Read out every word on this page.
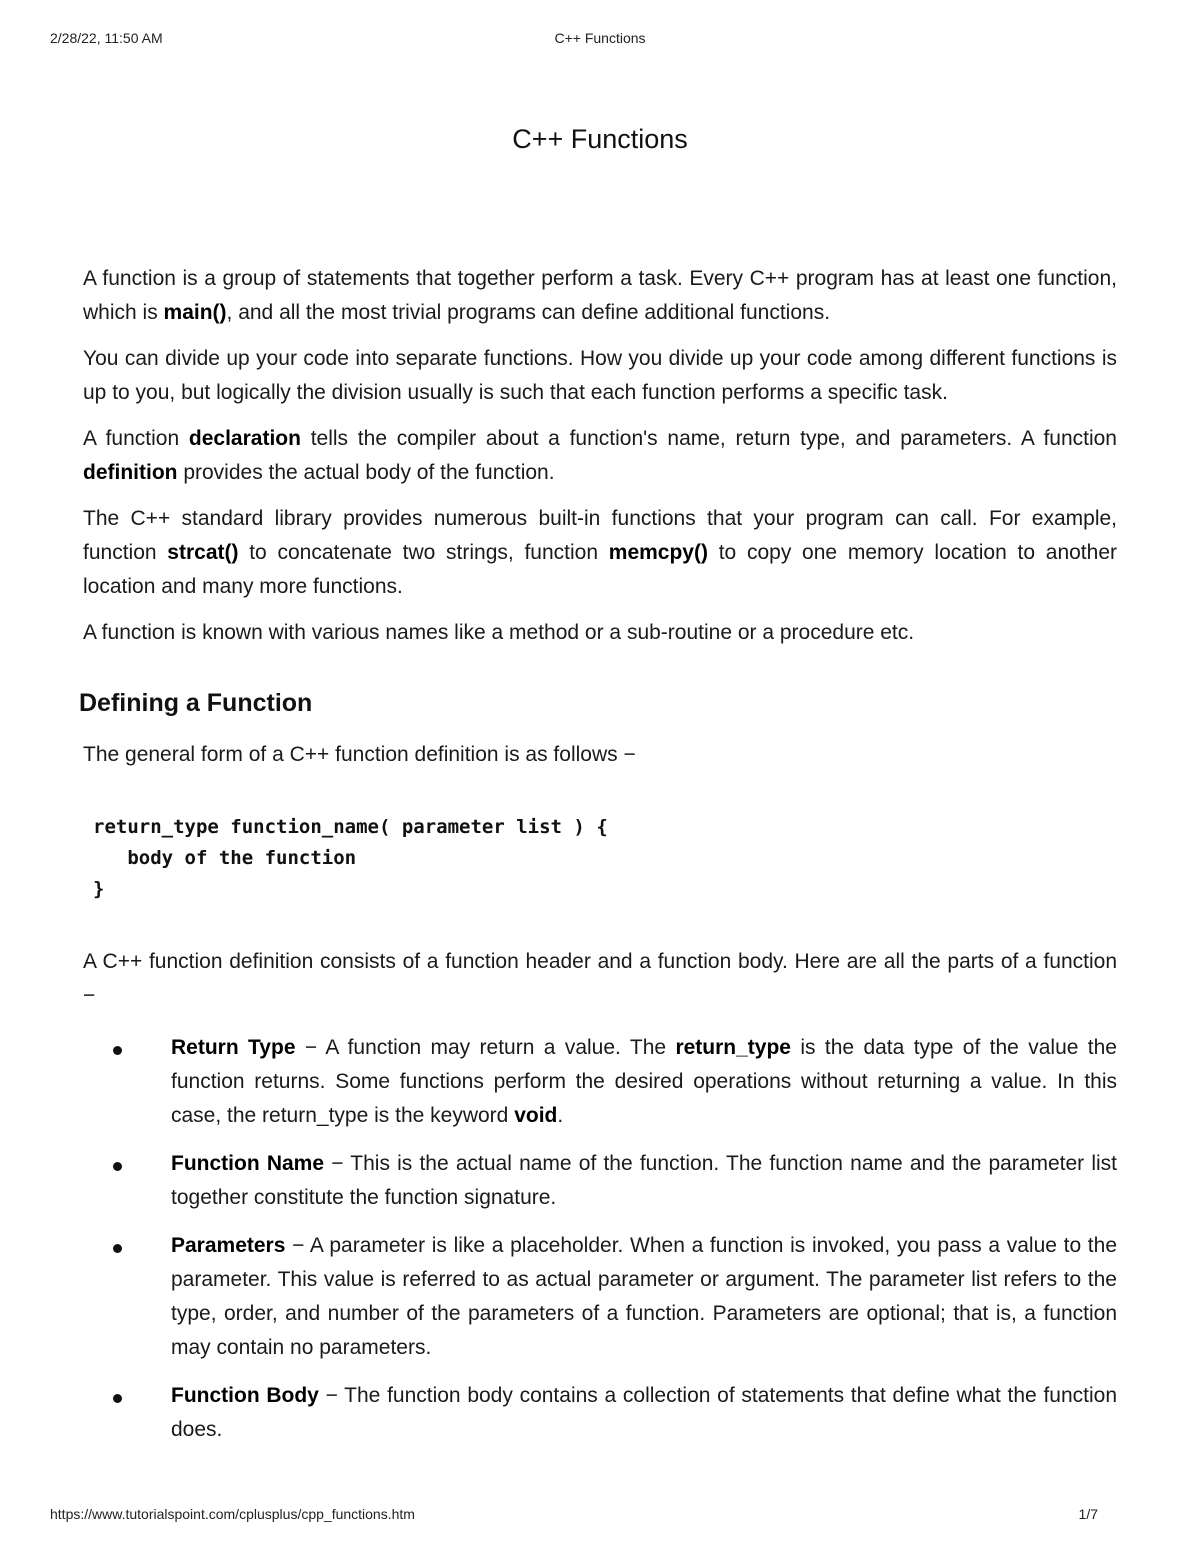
2/28/22, 11:50 AM	C++ Functions
C++ Functions

A function is a group of statements that together perform a task. Every C++ program has at least one function, which is main(), and all the most trivial programs can define additional functions.

You can divide up your code into separate functions. How you divide up your code among different functions is up to you, but logically the division usually is such that each function performs a specific task.

A function declaration tells the compiler about a function's name, return type, and parameters. A function definition provides the actual body of the function.

The C++ standard library provides numerous built-in functions that your program can call. For example, function strcat() to concatenate two strings, function memcpy() to copy one memory location to another location and many more functions.

A function is known with various names like a method or a sub-routine or a procedure etc.

Defining a Function

The general form of a C++ function definition is as follows −

return_type function_name( parameter list ) {
body of the function
}

A C++ function definition consists of a function header and a function body. Here are all the parts of a function −

Return Type − A function may return a value. The return_type is the data type of the value the function returns. Some functions perform the desired operations without returning a value. In this case, the return_type is the keyword void.
Function Name − This is the actual name of the function. The function name and the parameter list together constitute the function signature.
Parameters − A parameter is like a placeholder. When a function is invoked, you pass a value to the parameter. This value is referred to as actual parameter or argument. The parameter list refers to the type, order, and number of the parameters of a function. Parameters are optional; that is, a function may contain no parameters.
Function Body − The function body contains a collection of statements that define what the function does.
https://www.tutorialspoint.com/cplusplus/cpp_functions.htm	1/7
